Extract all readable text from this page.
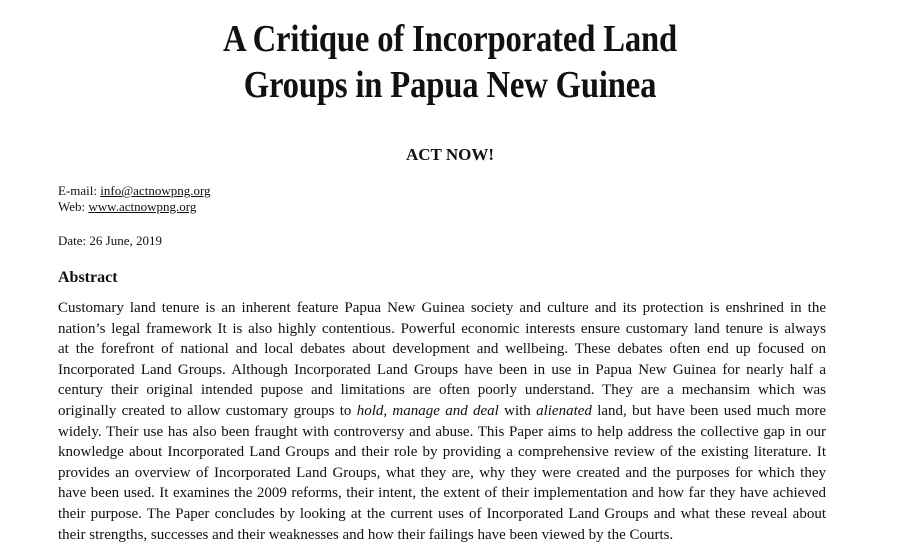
A Critique of Incorporated Land
Groups in Papua New Guinea
ACT NOW!
E-mail: info@actnowpng.org
Web: www.actnowpng.org
Date: 26 June, 2019
Abstract
Customary land tenure is an inherent feature Papua New Guinea society and culture and its protection is enshrined in the
nation’s legal framework It is also highly contentious. Powerful economic interests ensure customary land tenure is always
at the forefront of national and local debates about development and wellbeing. These debates often end up focused on
Incorporated Land Groups. Although Incorporated Land Groups have been in use in Papua New Guinea for nearly half a
century their original intended pupose and limitations are often poorly understand. They are a mechansim which was
originally created to allow customary groups to hold, manage and deal with alienated land, but have been used much more
widely. Their use has also been fraught with controversy and abuse. This Paper aims to help address the collective gap in our
knowledge about Incorporated Land Groups and their role by providing a comprehensive review of the existing literature. It
provides an overview of Incorporated Land Groups, what they are, why they were created and the purposes for which they
have been used. It examines the 2009 reforms, their intent, the extent of their implementation and how far they have achieved
their purpose. The Paper concludes by looking at the current uses of Incorporated Land Groups and what these reveal about
their strengths, successes and their weaknesses and how their failings have been viewed by the Courts.
